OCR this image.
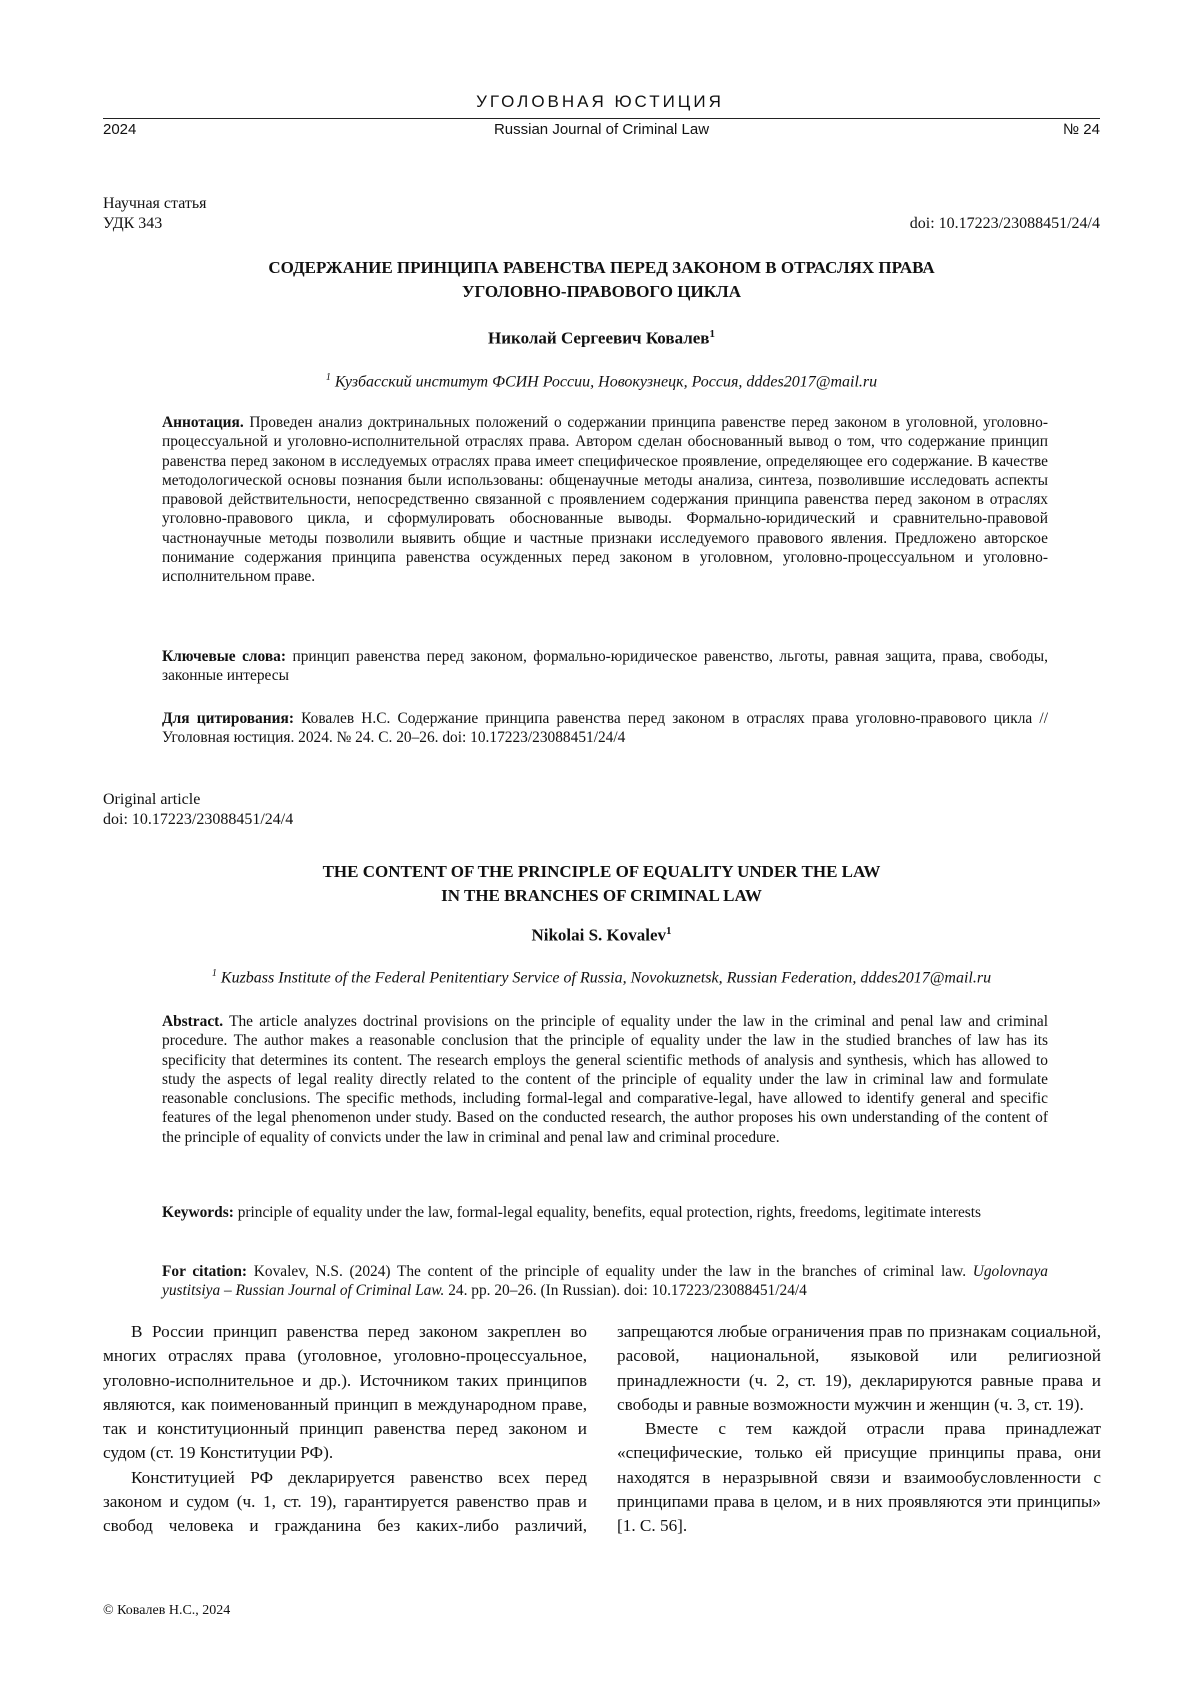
УГОЛОВНАЯ ЮСТИЦИЯ
2024	Russian Journal of Criminal Law	№ 24
Научная статья
УДК 343	doi: 10.17223/23088451/24/4
СОДЕРЖАНИЕ ПРИНЦИПА РАВЕНСТВА ПЕРЕД ЗАКОНОМ В ОТРАСЛЯХ ПРАВА
УГОЛОВНО-ПРАВОВОГО ЦИКЛА
Николай Сергеевич Ковалев1
1 Кузбасский институт ФСИН России, Новокузнецк, Россия, dddes2017@mail.ru
Аннотация. Проведен анализ доктринальных положений о содержании принципа равенстве перед законом в уголовной, уголовно-процессуальной и уголовно-исполнительной отраслях права. Автором сделан обоснованный вывод о том, что содержание принцип равенства перед законом в исследуемых отраслях права имеет специфическое проявление, определяющее его содержание. В качестве методологической основы познания были использованы: общенаучные методы анализа, синтеза, позволившие исследовать аспекты правовой действительности, непосредственно связанной с проявлением содержания принципа равенства перед законом в отраслях уголовно-правового цикла, и сформулировать обоснованные выводы. Формально-юридический и сравнительно-правовой частнонаучные методы позволили выявить общие и частные признаки исследуемого правового явления. Предложено авторское понимание содержания принципа равенства осужденных перед законом в уголовном, уголовно-процессуальном и уголовно-исполнительном праве.
Ключевые слова: принцип равенства перед законом, формально-юридическое равенство, льготы, равная защита, права, свободы, законные интересы
Для цитирования: Ковалев Н.С. Содержание принципа равенства перед законом в отраслях права уголовно-правового цикла // Уголовная юстиция. 2024. № 24. С. 20–26. doi: 10.17223/23088451/24/4
Original article
doi: 10.17223/23088451/24/4
THE CONTENT OF THE PRINCIPLE OF EQUALITY UNDER THE LAW
IN THE BRANCHES OF CRIMINAL LAW
Nikolai S. Kovalev1
1 Kuzbass Institute of the Federal Penitentiary Service of Russia, Novokuznetsk, Russian Federation, dddes2017@mail.ru
Abstract. The article analyzes doctrinal provisions on the principle of equality under the law in the criminal and penal law and criminal procedure. The author makes a reasonable conclusion that the principle of equality under the law in the studied branches of law has its specificity that determines its content. The research employs the general scientific methods of analysis and synthesis, which has allowed to study the aspects of legal reality directly related to the content of the principle of equality under the law in criminal law and formulate reasonable conclusions. The specific methods, including formal-legal and comparative-legal, have allowed to identify general and specific features of the legal phenomenon under study. Based on the conducted research, the author proposes his own understanding of the content of the principle of equality of convicts under the law in criminal and penal law and criminal procedure.
Keywords: principle of equality under the law, formal-legal equality, benefits, equal protection, rights, freedoms, legitimate interests
For citation: Kovalev, N.S. (2024) The content of the principle of equality under the law in the branches of criminal law. Ugolovnaya yustitsiya – Russian Journal of Criminal Law. 24. pp. 20–26. (In Russian). doi: 10.17223/23088451/24/4

В России принцип равенства перед законом закреплен во многих отраслях права (уголовное, уголовно-процессуальное, уголовно-исполнительное и др.). Источником таких принципов являются, как поименованный принцип в международном праве, так и конституционный принцип равенства перед законом и судом (ст. 19 Конституции РФ).

Конституцией РФ декларируется равенство всех перед законом и судом (ч. 1, ст. 19), гарантируется равенство прав и свобод человека и гражданина без каких-либо различий, запрещаются любые ограничения прав по признакам социальной, расовой, национальной, языковой или религиозной принадлежности (ч. 2, ст. 19), декларируются равные права и свободы и равные возможности мужчин и женщин (ч. 3, ст. 19).

Вместе с тем каждой отрасли права принадлежат «специфические, только ей присущие принципы права, они находятся в неразрывной связи и взаимообусловленности с принципами права в целом, и в них проявляются эти принципы» [1. С. 56].

© Ковалев Н.С., 2024
